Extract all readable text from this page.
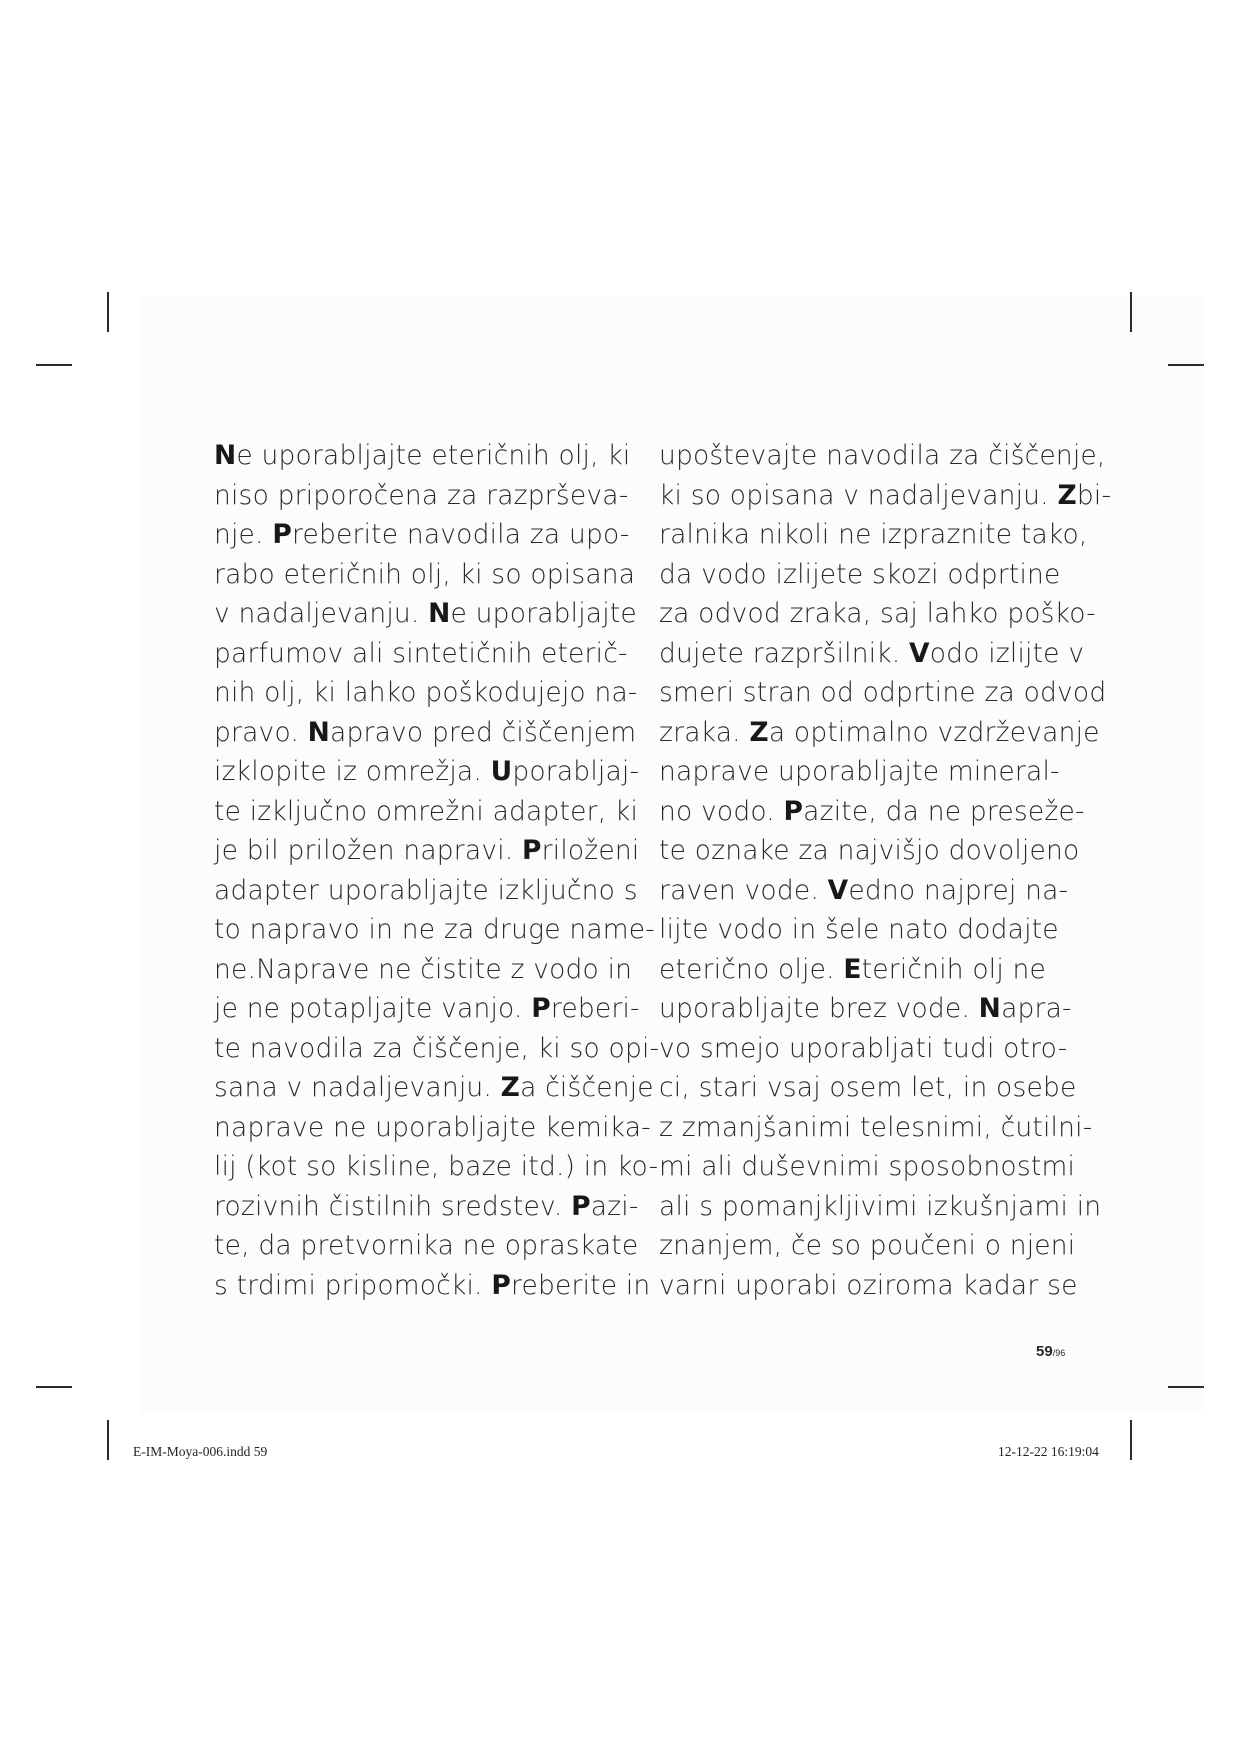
Ne uporabljajte eteričnih olj, ki
niso priporočena za razprševa-
nje. Preberite navodila za upo-
rabo eteričnih olj, ki so opisana
v nadaljevanju. Ne uporabljajte
parfumov ali sintetičnih eterič-
nih olj, ki lahko poškodujejo na-
pravo. Napravo pred čiščenjem
izklopite iz omrežja. Uporabljaj-
te izključno omrežni adapter, ki
je bil priložen napravi. Priloženi
adapter uporabljajte izključno s
to napravo in ne za druge name-
ne.Naprave ne čistite z vodo in
je ne potapljajte vanjo. Preberi-
te navodila za čiščenje, ki so opi-
sana v nadaljevanju. Za čiščenje
naprave ne uporabljajte kemika-
lij (kot so kisline, baze itd.) in ko-
rozivnih čistilnih sredstev. Pazi-
te, da pretvornika ne opraskate
s trdimi pripomočki. Preberite in
upoštevajte navodila za čiščenje,
ki so opisana v nadaljevanju. Zbi-
ralnika nikoli ne izpraznite tako,
da vodo izlijete skozi odprtine
za odvod zraka, saj lahko poško-
dujete razpršilnik. Vodo izlijte v
smeri stran od odprtine za odvod
zraka. Za optimalno vzdrževanje
naprave uporabljajte mineral-
no vodo. Pazite, da ne preseže-
te oznake za najvišjo dovoljeno
raven vode. Vedno najprej na-
lijte vodo in šele nato dodajte
eterično olje. Eteričnih olj ne
uporabljajte brez vode. Napra-
vo smejo uporabljati tudi otro-
ci, stari vsaj osem let, in osebe
z zmanjšanimi telesnimi, čutilni-
mi ali duševnimi sposobnostmi
ali s pomanjkljivimi izkušnjami in
znanjem, če so poučeni o njeni
varni uporabi oziroma kadar se
59/96
E-IM-Moya-006.indd 59	12-12-22 16:19:04
